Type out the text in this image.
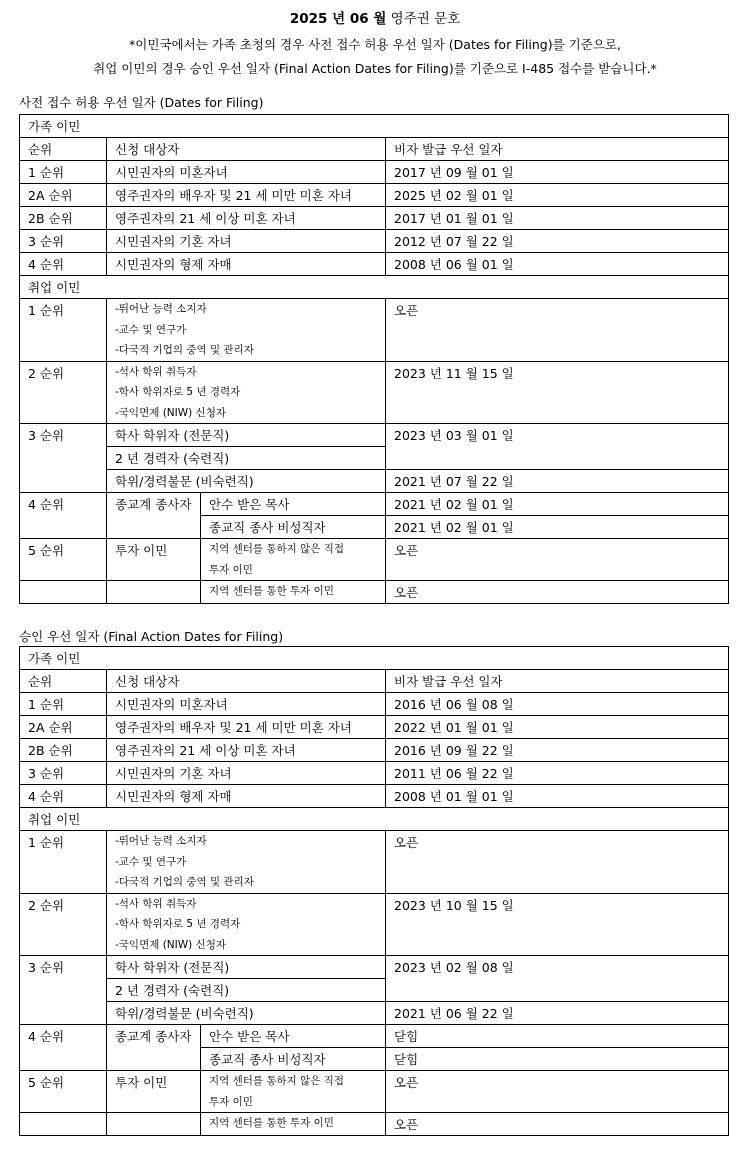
2025 년 06 월 영주권 문호
*이민국에서는 가족 초청의 경우 사전 접수 허용 우선 일자 (Dates for Filing)를 기준으로,
취업 이민의 경우 승인 우선 일자 (Final Action Dates for Filing)를 기준으로 I-485 접수를 받습니다.*
사전 접수 허용 우선 일자 (Dates for Filing)
가족 이민			
순위	신청 대상자		비자 발급 우선 일자
1 순위	시민권자의 미혼자녀		2017 년 09 월 01 일
2A 순위	영주권자의 배우자 및 21 세 미만 미혼 자녀		2025 년 02 월 01 일
2B 순위	영주권자의 21 세 이상 미혼 자녀		2017 년 01 월 01 일
3 순위	시민권자의 기혼 자녀		2012 년 07 월 22 일
4 순위	시민권자의 형제 자매		2008 년 06 월 01 일
취업 이민			
1 순위	-뛰어난 능력 소지자
-교수 및 연구가
-다국적 기업의 중역 및 관리자		오픈
2 순위	-석사 학위 취득자
-학사 학위자로 5 년 경력자
-국익면제 (NIW) 신청자		2023 년 11 월 15 일
3 순위	학사 학위자 (전문직)		2023 년 03 월 01 일
	2 년 경력자 (숙련직)		
	학위/경력불문 (비숙련직)		2021 년 07 월 22 일
4 순위	종교계 종사자	안수 받은 목사	2021 년 02 월 01 일
		종교직 종사 비성직자	2021 년 02 월 01 일
5 순위	투자 이민	지역 센터를 통하지 않은 직접
투자 이민	오픈
		지역 센터를 통한 투자 이민	오픈
승인 우선 일자 (Final Action Dates for Filing)
가족 이민			
순위	신청 대상자		비자 발급 우선 일자
1 순위	시민권자의 미혼자녀		2016 년 06 월 08 일
2A 순위	영주권자의 배우자 및 21 세 미만 미혼 자녀		2022 년 01 월 01 일
2B 순위	영주권자의 21 세 이상 미혼 자녀		2016 년 09 월 22 일
3 순위	시민권자의 기혼 자녀		2011 년 06 월 22 일
4 순위	시민권자의 형제 자매		2008 년 01 월 01 일
취업 이민			
1 순위	-뛰어난 능력 소지자
-교수 및 연구가
-다국적 기업의 중역 및 관리자		오픈
2 순위	-석사 학위 취득자
-학사 학위자로 5 년 경력자
-국익면제 (NIW) 신청자		2023 년 10 월 15 일
3 순위	학사 학위자 (전문직)		2023 년 02 월 08 일
	2 년 경력자 (숙련직)		
	학위/경력불문 (비숙련직)		2021 년 06 월 22 일
4 순위	종교계 종사자	안수 받은 목사	닫힘
		종교직 종사 비성직자	닫힘
5 순위	투자 이민	지역 센터를 통하지 않은 직접
투자 이민	오픈
		지역 센터를 통한 투자 이민	오픈
